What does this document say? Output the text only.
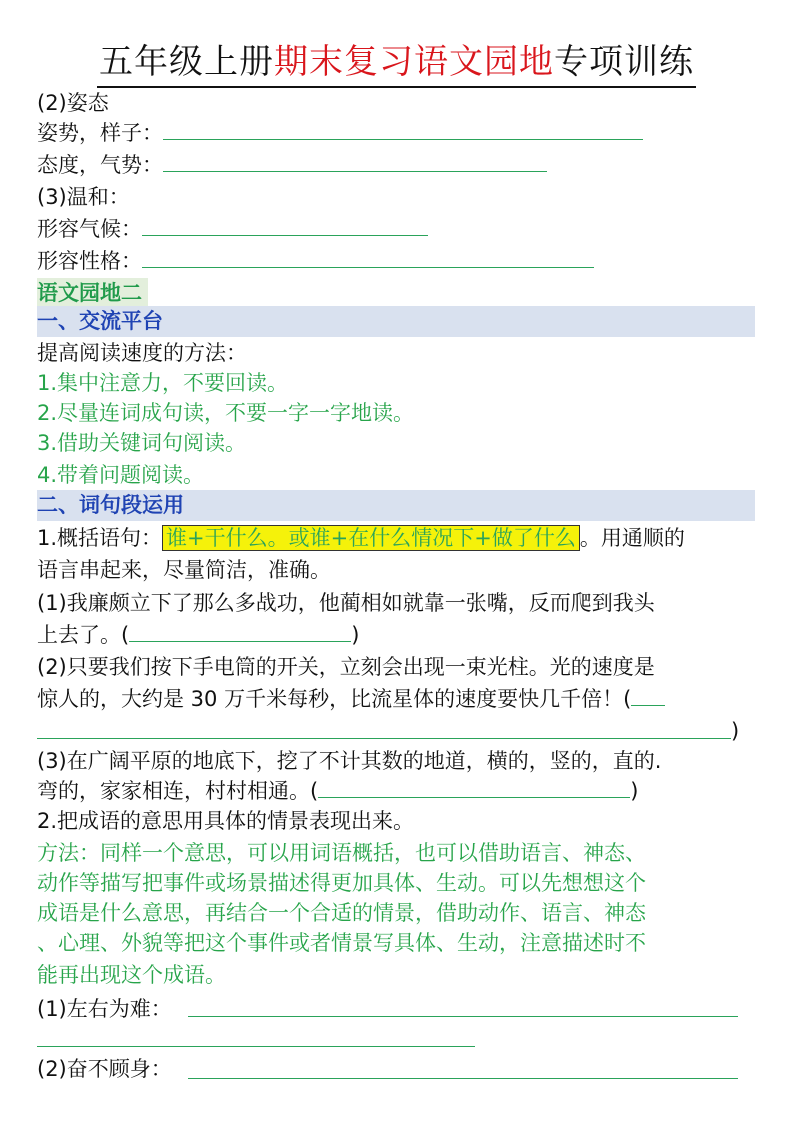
五年级上册期末复习语文园地专项训练
(2)姿态
姿势，样子：
态度，气势：
(3)温和：
形容气候：
形容性格：
语文园地二
一、交流平台
提高阅读速度的方法：
1.集中注意力，不要回读。
2.尽量连词成句读，不要一字一字地读。
3.借助关键词句阅读。
4.带着问题阅读。
二、词句段运用
1.概括语句： 谁+干什么。或谁+在什么情况下+做了什么 。用通顺的
语言串起来，尽量简洁，准确。
(1)我廉颇立下了那么多战功，他蔺相如就靠一张嘴，反而爬到我头
上去了。(	)
(2)只要我们按下手电筒的开关，立刻会出现一束光柱。光的速度是
惊人的，大约是 30 万千米每秒，比流星体的速度要快几千倍！(
)
(3)在广阔平原的地底下，挖了不计其数的地道，横的，竖的，直的.
弯的，家家相连，村村相通。(	)
2.把成语的意思用具体的情景表现出来。
方法：同样一个意思，可以用词语概括，也可以借助语言、神态、
动作等描写把事件或场景描述得更加具体、生动。可以先想想这个
成语是什么意思，再结合一个合适的情景，借助动作、语言、神态
、心理、外貌等把这个事件或者情景写具体、生动，注意描述时不
能再出现这个成语。
(1)左右为难：
(2)奋不顾身：
